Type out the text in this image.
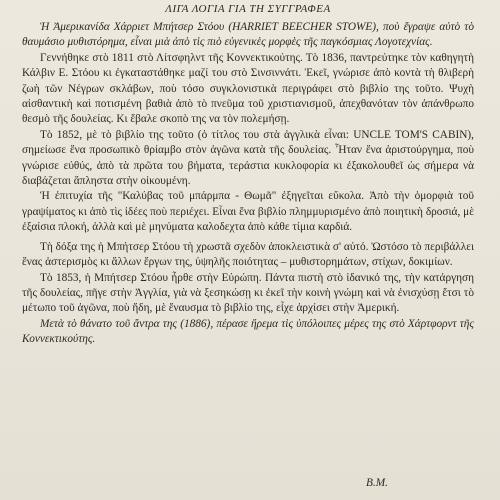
ΛΙΓΑ ΛΟΓΙΑ ΓΙΑ ΤΗ ΣΥΓΓΡΑΦΕΑ

Ἡ Ἀμερικανίδα Χάρριετ Μπήτσερ Στόου (HARRIET BEECHER STOWE), ποὺ ἔγραψε αὐτὸ τὸ θαυμάσιο μυθιστόρημα, εἶναι μιὰ ἀπὸ τὶς πιὸ εὐγενικὲς μορφὲς τῆς παγκόσμιας Λογοτεχνίας.

Γεννήθηκε στὸ 1811 στὸ Λίτσφηλντ τῆς Κοννεκτικούτης. Τὸ 1836, παντρεύτηκε τὸν καθηγητὴ Κάλβιν Ε. Στόου κι ἐγκαταστάθηκε μαζί του στὸ Σινσιννάτι. Ἐκεῖ, γνώρισε ἀπὸ κοντὰ τὴ θλιβερὴ ζωὴ τῶν Νέγρων σκλάβων, ποὺ τόσο συγκλονιστικὰ περιγράφει στὸ βιβλίο της τοῦτο. Ψυχὴ αἰσθαντικὴ καὶ ποτισμένη βαθιὰ ἀπὸ τὸ πνεῦμα τοῦ χριστιανισμοῦ, ἀπεχθανόταν τὸν ἀπάνθρωπο θεσμὸ τῆς δουλείας. Κι ἔβαλε σκοπὸ της να τὸν πολεμήσῃ.

Τὸ 1852, μὲ τὸ βιβλίο της τοῦτο (ὁ τίτλος του στὰ ἀγγλικὰ εἶναι: UNCLE TOM'S CABIN), σημείωσε ἕνα προσωπικὸ θρίαμβο στὸν ἀγῶνα κατὰ τῆς δουλείας. Ἦταν ἕνα ἀριστούργημα, ποὺ γνώρισε εὐθύς, ἀπὸ τὰ πρῶτα του βήματα, τεράστια κυκλοφορία κι ἐξακολουθεῖ ὡς σήμερα νὰ διαβάζεται ἄπληστα στὴν οἰκουμένη.

Ἡ ἐπιτυχία τῆς "Καλύβας τοῦ μπάρμπα - Θωμᾶ" ἐξηγεῖται εὔκολα. Ἀπὸ τὴν ὁμορφιὰ τοῦ γραψίματος κι ἀπὸ τὶς ἰδέες ποὺ περιέχει. Εἶναι ἕνα βιβλίο πλημμυρισμένο ἀπὸ ποιητικὴ δροσιά, μὲ ἐξαίσια πλοκή, ἀλλὰ καὶ μὲ μηνύματα καλοδεχτα ἀπὸ κάθε τίμια καρδιά.

Τὴ δόξα της ἡ Μπήτσερ Στόου τὴ χρωστᾶ σχεδὸν ἀποκλειστικὰ σ' αὐτό. Ὡστόσο τὸ περιβάλλει ἕνας ἀστερισμὸς κι ἄλλων ἔργων της, ὑψηλῆς ποιότητας – μυθιστορημάτων, στίχων, δοκιμίων.

Τὸ 1853, ἡ Μπήτσερ Στόου ἦρθε στὴν Εὐρώπη. Πάντα πιστὴ στὸ ἰδανικό της, τὴν κατάργηση τῆς δουλείας, πῆγε στὴν Ἀγγλία, γιὰ νὰ ξεσηκώσῃ κι ἐκεῖ τὴν κοινὴ γνώμη καὶ νὰ ἐνισχύσῃ ἔτσι τὸ μέτωπο τοῦ ἀγῶνα, ποὺ ἤδη, μὲ ἔναυσμα τὸ βιβλίο της, εἶχε ἀρχίσει στὴν Ἀμερική.

Μετὰ τὸ θάνατο τοῦ ἄντρα της (1886), πέρασε ἥρεμα τὶς ὑπόλοιπες μέρες της στὸ Χάρτφορντ τῆς Κοννεκτικούτης.

Β.Μ.
